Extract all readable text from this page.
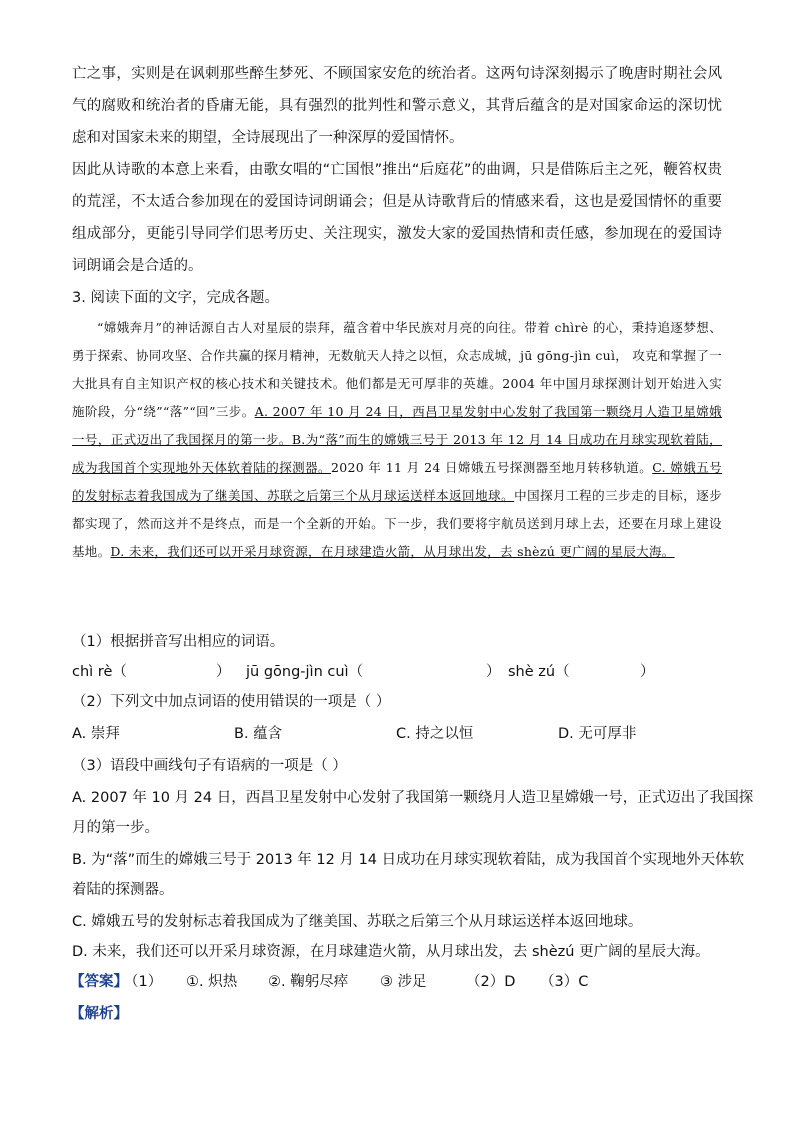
亡之事，实则是在讽刺那些醉生梦死、不顾国家安危的统治者。这两句诗深刻揭示了晚唐时期社会风气的腐败和统治者的昏庸无能，具有强烈的批判性和警示意义，其背后蕴含的是对国家命运的深切忧虑和对国家未来的期望，全诗展现出了一种深厚的爱国情怀。
因此从诗歌的本意上来看，由歌女唱的“亡国恨”推出“后庭花”的曲调，只是借陈后主之死，鞭笞权贵的荒淫，不太适合参加现在的爱国诗词朗诵会；但是从诗歌背后的情感来看，这也是爱国情怀的重要组成部分，更能引导同学们思考历史、关注现实，激发大家的爱国热情和责任感，参加现在的爱国诗词朗诵会是合适的。
3. 阅读下面的文字，完成各题。
“嫦娥奔月”的神话源自古人对星辰的崇拜，蕴含着中华民族对月亮的向往。带着 chìrè 的心，秉持追逐梦想、勇于探索、协同攻坚、合作共赢的探月精神，无数航天人持之以恒，众志成城，jū gōng-jìn cuì， 攻克和掌握了一大批具有自主知识产权的核心技术和关键技术。他们都是无可厚非的英雄。2004 年中国月球探测计划开始进入实施阶段，分“绕”“落”“回”三步。A. 2007 年 10 月 24 日，西昌卫星发射中心发射了我国第一颗绕月人造卫星嫦娥一号，正式迈出了我国探月的第一步。B.为“落”而生的嫦娥三号于 2013 年 12 月 14 日成功在月球实现软着陆，成为我国首个实现地外天体软着陆的探测器。2020 年 11 月 24 日嫦娥五号探测器至地月转移轨道。C. 嫦娥五号的发射标志着我国成为了继美国、苏联之后第三个从月球运送样本返回地球。中国探月工程的三步走的目标，逐步都实现了，然而这并不是终点，而是一个全新的开始。下一步，我们要将宇航员送到月球上去，还要在月球上建设基地。D. 未来，我们还可以开采月球资源，在月球建造火箭，从月球出发，去 shèzú 更广阔的星辰大海。
（1）根据拼音写出相应的词语。
chì rè（	） jū gōng-jìn cuì（	） shè zú（	）
（2）下列文中加点词语的使用错误的一项是（ ）
A. 崇拜	B. 蕴含	C. 持之以恒	D. 无可厚非
（3）语段中画线句子有语病的一项是（ ）
A. 2007 年 10 月 24 日，西昌卫星发射中心发射了我国第一颗绕月人造卫星嫦娥一号，正式迈出了我国探
月的第一步。
B. 为“落”而生的嫦娥三号于 2013 年 12 月 14 日成功在月球实现软着陆，成为我国首个实现地外天体软
着陆的探测器。
C. 嫦娥五号的发射标志着我国成为了继美国、苏联之后第三个从月球运送样本返回地球。
D. 未来，我们还可以开采月球资源，在月球建造火箭，从月球出发，去 shèzú 更广阔的星辰大海。
【答案】
（1） ①. 炽热 ②. 鞠躬尽瘁 ③ 涉足	（2）D （3）C
【解析】
